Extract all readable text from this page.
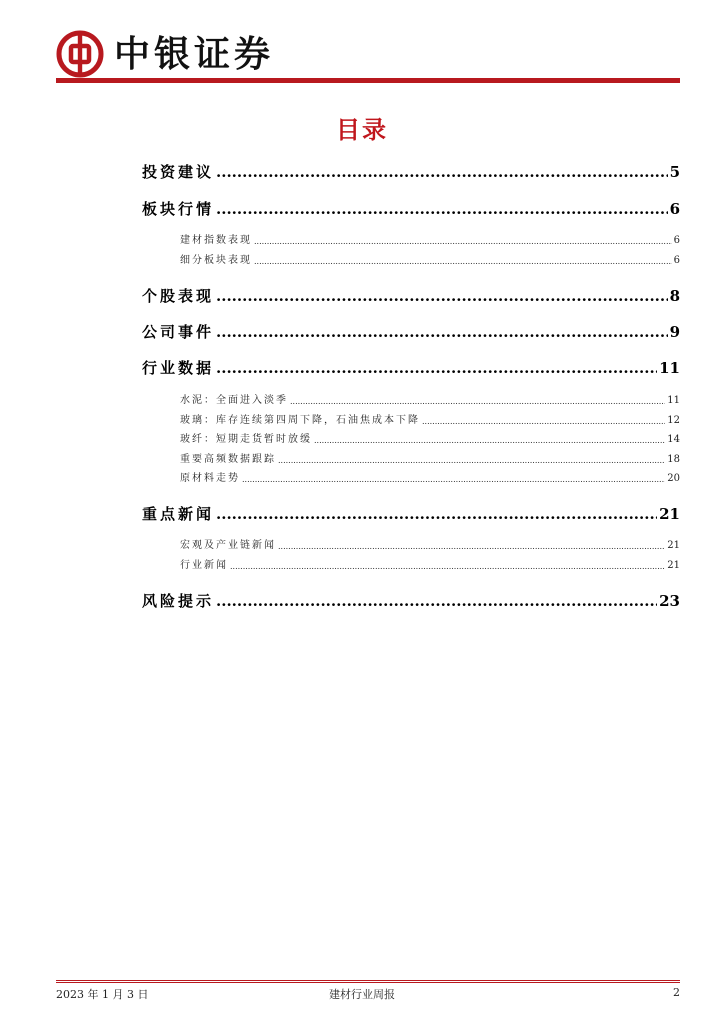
中银证券
目录
投资建议 .....	5
板块行情 .....	6
建材指数表现 .....	6
细分板块表现 .....	6
个股表现 .....	8
公司事件 .....	9
行业数据 .....	11
水泥：全面进入淡季 .....	11
玻璃：库存连续第四周下降，石油焦成本下降 .....	12
玻纤：短期走货暂时放缓 .....	14
重要高频数据跟踪 .....	18
原材料走势 .....	20
重点新闻 .....	21
宏观及产业链新闻 .....	21
行业新闻 .....	21
风险提示 .....	23
2023 年 1 月 3 日	建材行业周报	2
